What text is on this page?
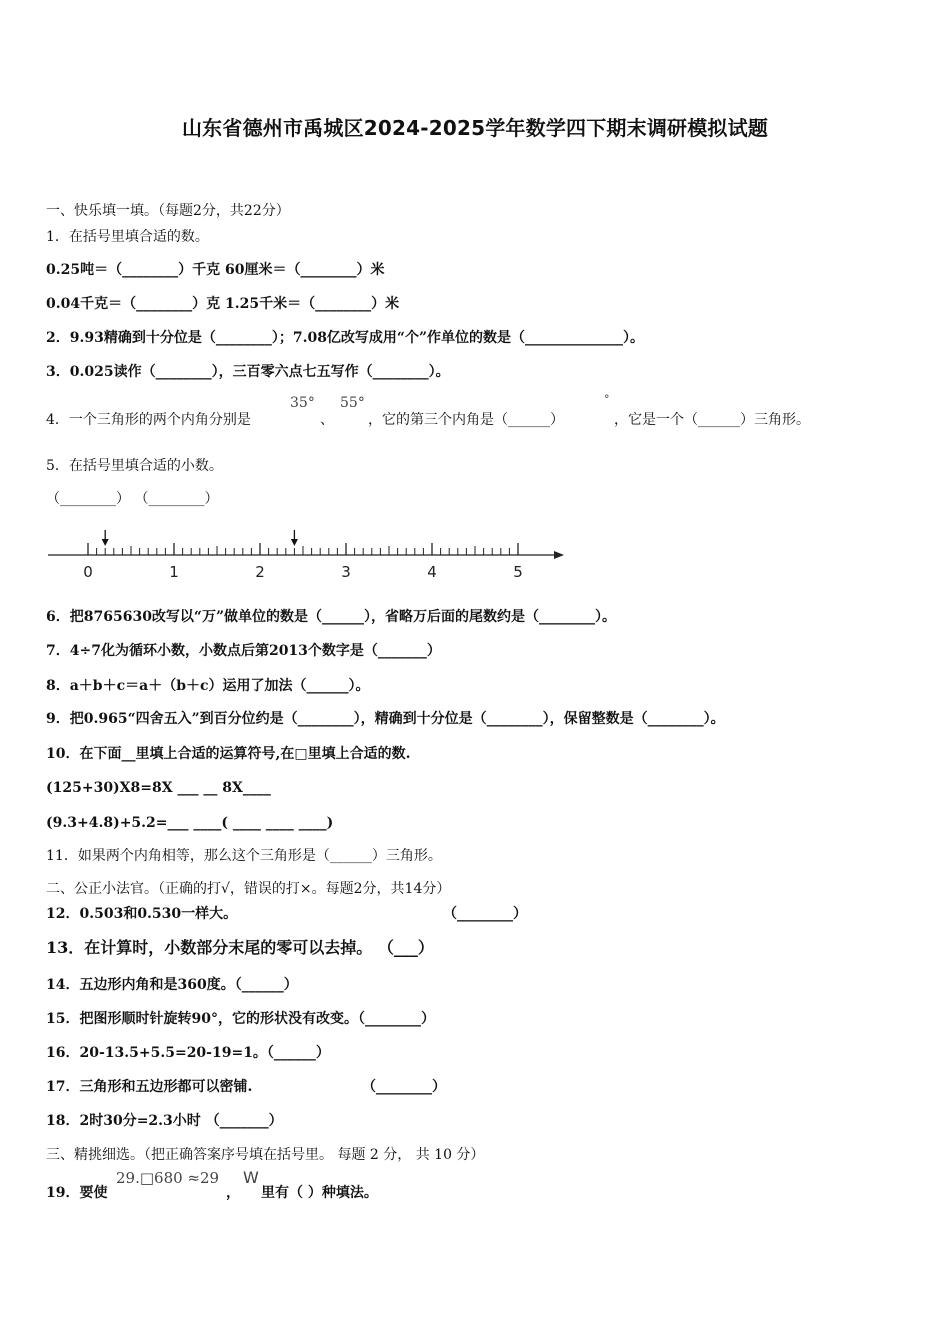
山东省德州市禹城区2024-2025学年数学四下期末调研模拟试题
一、快乐填一填。（每题2分，共22分）
1．在括号里填合适的数。
0.25吨＝（________）千克 60厘米＝（________）米
0.04千克＝（________）克 1.25千米＝（________）米
2．9.93精确到十分位是（________）；7.08亿改写成用“个”作单位的数是（______________）。
3．0.025读作（________），三百零六点七五写作（________）。
4．一个三角形的两个内角分别是
35°
、
55°
，它的第三个内角是（______）
°
，它是一个（______）三角形。
5．在括号里填合适的小数。
（________） （________）
0	1	2	3	4	5
6．把8765630改写以“万”做单位的数是（______），省略万后面的尾数约是（________）。
7．4÷7化为循环小数，小数点后第2013个数字是（_______）
8．a＋b＋c＝a＋（b＋c）运用了加法（______）。
9．把0.965“四舍五入”到百分位约是（________），精确到十分位是（________），保留整数是（________）。
10．在下面__里填上合适的运算符号,在□里填上合适的数.
(125+30)X8=8X ___ __ 8X____
(9.3+4.8)+5.2=___ ____( ____ ____ ____)
11．如果两个内角相等，那么这个三角形是（______）三角形。
二、公正小法官。（正确的打√，错误的打×。每题2分，共14分）
12．0.503和0.530一样大。	（________）
13．在计算时，小数部分末尾的零可以去掉。 （___）
14．五边形内角和是360度。（______）
15．把图形顺时针旋转90°，它的形状没有改变。（________）
16．20-13.5+5.5=20-19=1。（______）
17．三角形和五边形都可以密铺.	（________）
18．2时30分=2.3小时 （_______）
三、精挑细选。（把正确答案序号填在括号里。 每题 2 分， 共 10 分）
19．要使
29.□680 ≈29
，
W
里有（ ）种填法。
